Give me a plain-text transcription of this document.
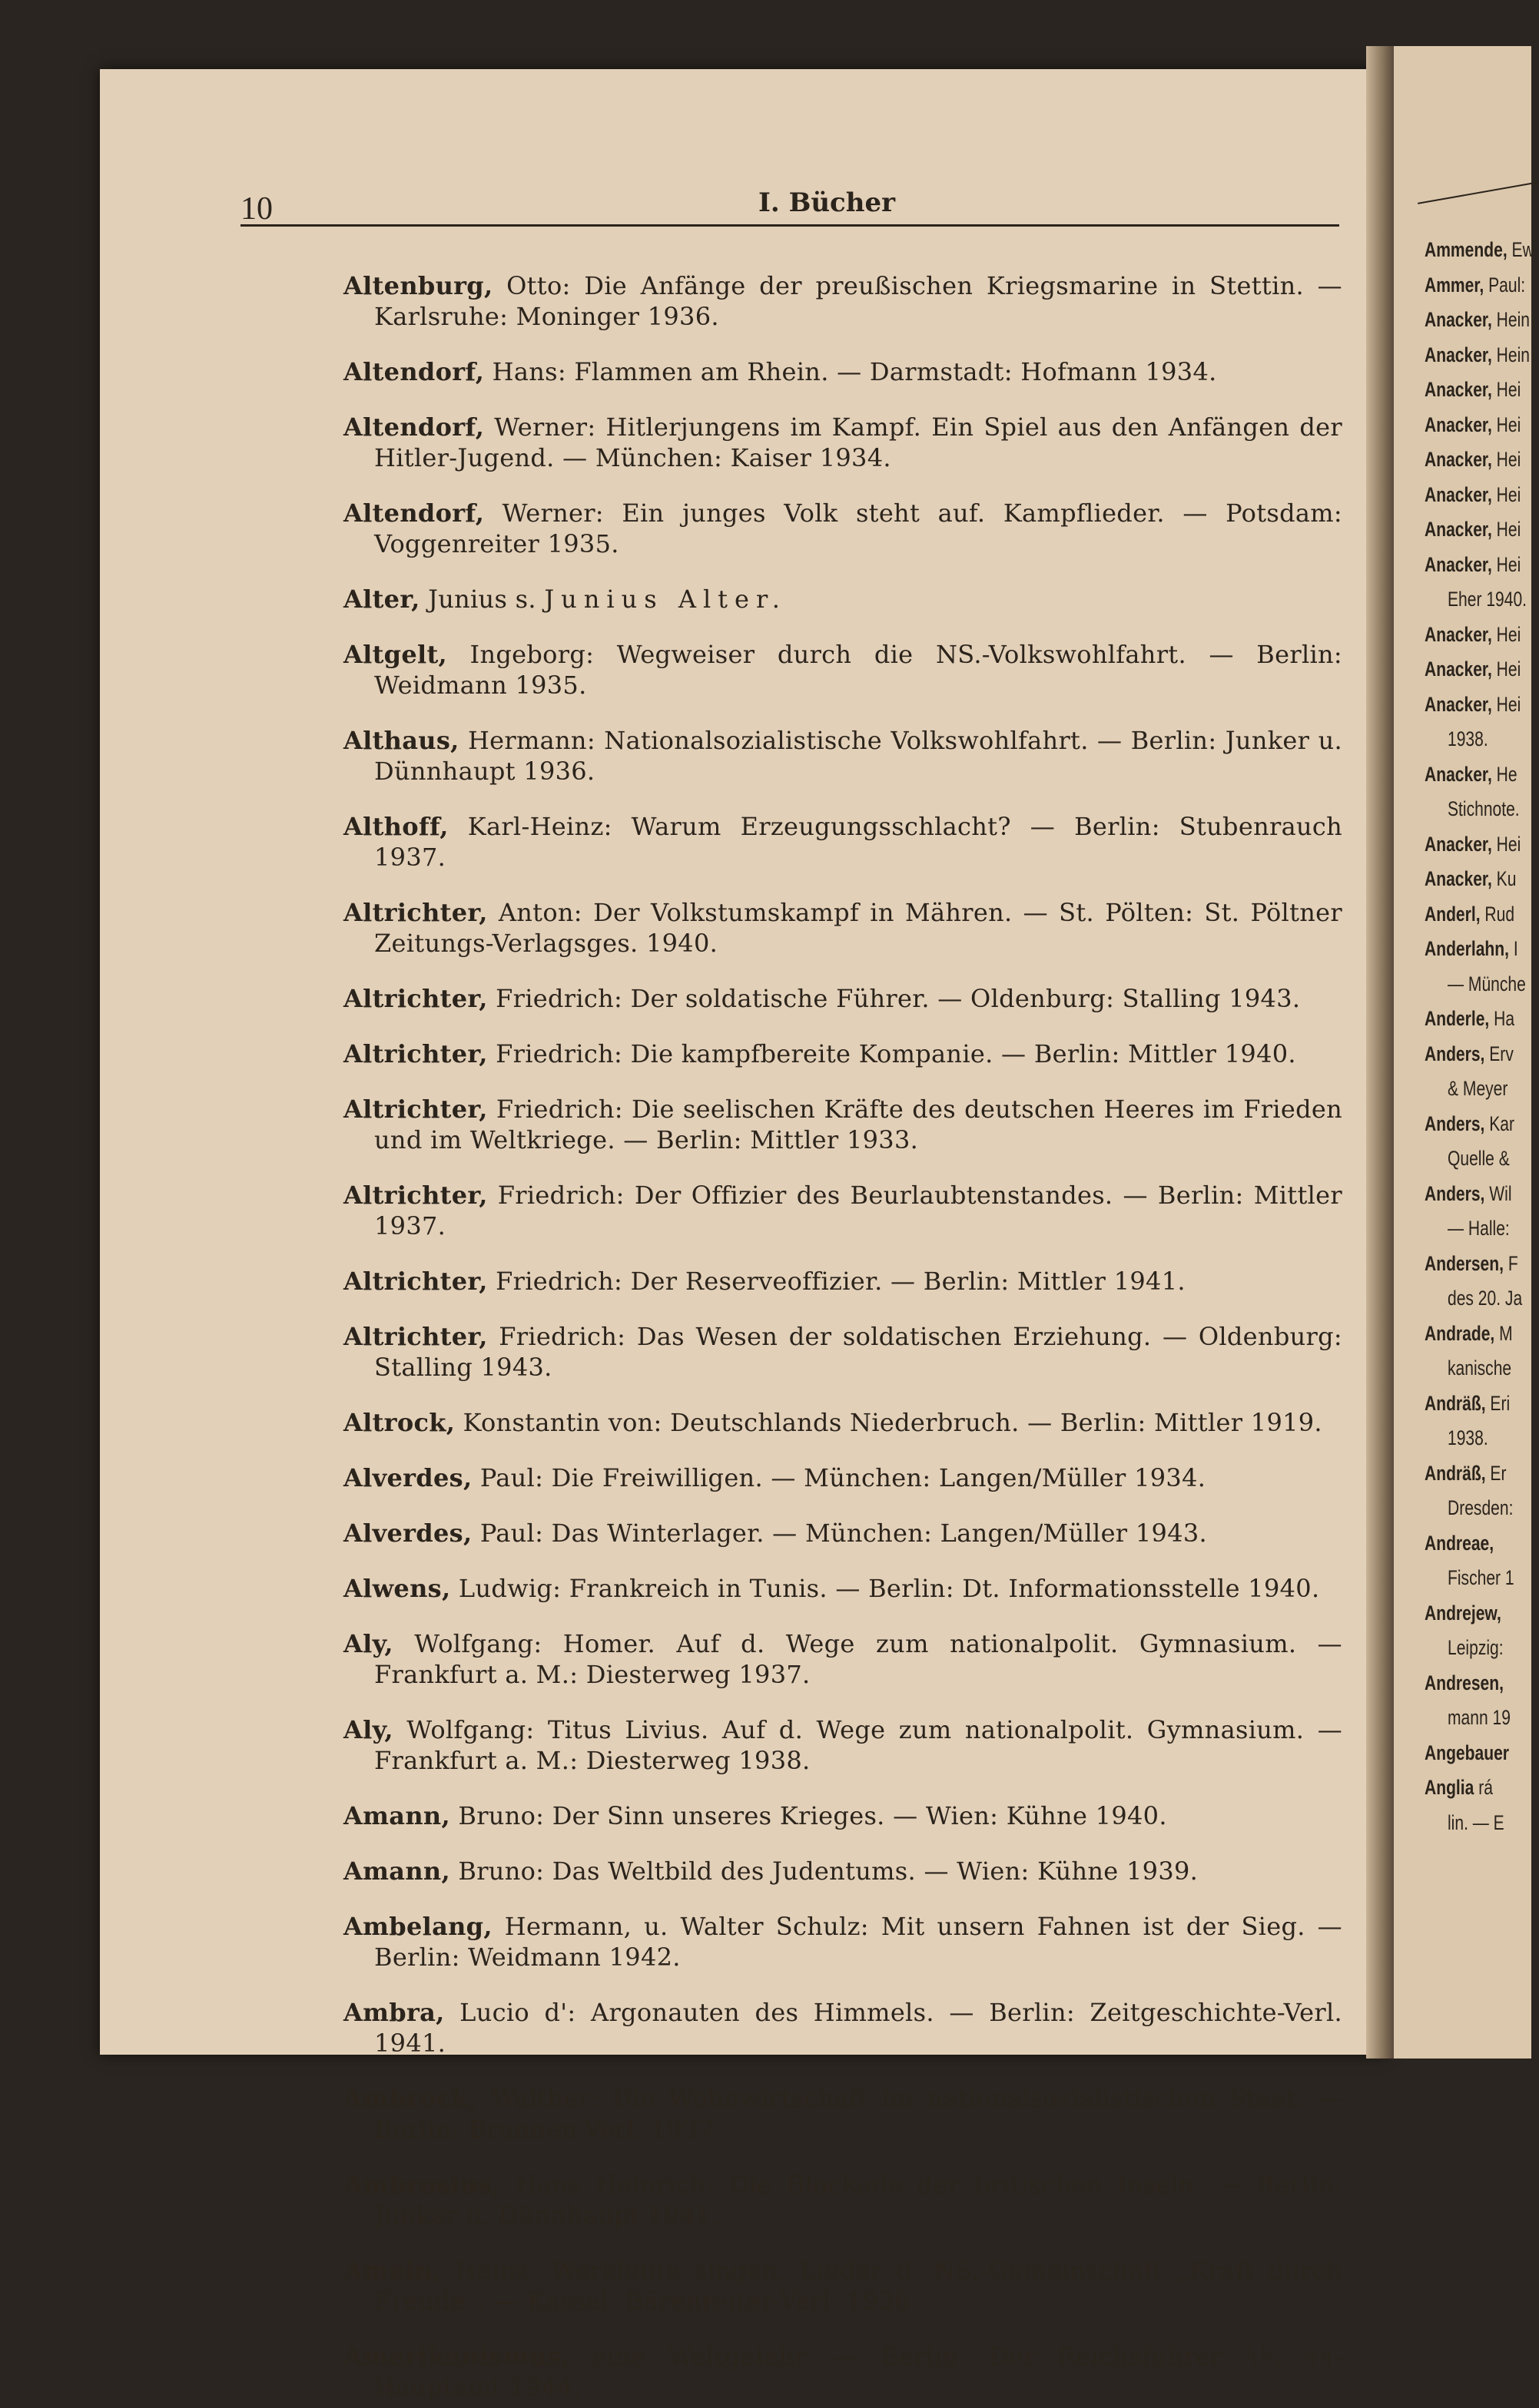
Ammende, Ew
Ammer, Paul:
Anacker, Hein
Anacker, Hein
Anacker, Hei
Anacker, Hei
Anacker, Hei
Anacker, Hei
Anacker, Hei
Anacker, Hei
Eher 1940.
Anacker, Hei
Anacker, Hei
Anacker, Hei
1938.
Anacker, He
Stichnote.
Anacker, Hei
Anacker, Ku
Anderl, Rud
Anderlahn, I
— Münche
Anderle, Ha
Anders, Erv
& Meyer
Anders, Kar
Quelle &
Anders, Wil
— Halle:
Andersen, F
des 20. Ja
Andrade, M
kanische
Andräß, Eri
1938.
Andräß, Er
Dresden:
Andreae,
Fischer 1
Andrejew,
Leipzig:
Andresen,
mann 19
Angebauer
Anglia rá
lin. — E
10	I. Bücher

Altenburg, Otto: Die Anfänge der preußischen Kriegsmarine in Stettin. — Karlsruhe: Moninger 1936.

Altendorf, Hans: Flammen am Rhein. — Darmstadt: Hofmann 1934.

Altendorf, Werner: Hitlerjungens im Kampf. Ein Spiel aus den Anfängen der Hitler-Jugend. — München: Kaiser 1934.

Altendorf, Werner: Ein junges Volk steht auf. Kampflieder. — Potsdam: Voggenreiter 1935.

Alter, Junius s. Junius Alter.

Altgelt, Ingeborg: Wegweiser durch die NS.-Volkswohlfahrt. — Berlin: Weidmann 1935.

Althaus, Hermann: Nationalsozialistische Volkswohlfahrt. — Berlin: Junker u. Dünnhaupt 1936.

Althoff, Karl-Heinz: Warum Erzeugungsschlacht? — Berlin: Stubenrauch 1937.

Altrichter, Anton: Der Volkstumskampf in Mähren. — St. Pölten: St. Pöltner Zeitungs-Verlagsges. 1940.

Altrichter, Friedrich: Der soldatische Führer. — Oldenburg: Stalling 1943.

Altrichter, Friedrich: Die kampfbereite Kompanie. — Berlin: Mittler 1940.

Altrichter, Friedrich: Die seelischen Kräfte des deutschen Heeres im Frieden und im Weltkriege. — Berlin: Mittler 1933.

Altrichter, Friedrich: Der Offizier des Beurlaubtenstandes. — Berlin: Mittler 1937.

Altrichter, Friedrich: Der Reserveoffizier. — Berlin: Mittler 1941.

Altrichter, Friedrich: Das Wesen der soldatischen Erziehung. — Oldenburg: Stalling 1943.

Altrock, Konstantin von: Deutschlands Niederbruch. — Berlin: Mittler 1919.

Alverdes, Paul: Die Freiwilligen. — München: Langen/Müller 1934.

Alverdes, Paul: Das Winterlager. — München: Langen/Müller 1943.

Alwens, Ludwig: Frankreich in Tunis. — Berlin: Dt. Informationsstelle 1940.

Aly, Wolfgang: Homer. Auf d. Wege zum nationalpolit. Gymnasium. — Frankfurt a. M.: Diesterweg 1937.

Aly, Wolfgang: Titus Livius. Auf d. Wege zum nationalpolit. Gymnasium. — Frankfurt a. M.: Diesterweg 1938.

Amann, Bruno: Der Sinn unseres Krieges. — Wien: Kühne 1940.

Amann, Bruno: Das Weltbild des Judentums. — Wien: Kühne 1939.

Ambelang, Hermann, u. Walter Schulz: Mit unsern Fahnen ist der Sieg. — Berlin: Weidmann 1942.

Ambra, Lucio d': Argonauten des Himmels. — Berlin: Zeitgeschichte-Verl. 1941.

Ambrock, Walther: Die Wohnwirtschaft im nationalsozialistischen Staat. — Berlin: Brunnen-Verl. 1937.

Ambrosius, Hans Heinrich: Die Blockade der britischen Inseln. — Berlin: Junker u. Dünnhaupt 1941.

Ameln, Heinz: Werkleute singen. Lieder d. NS.-Gemeinschaft „Kraft durch Freude“. — Kassel: Bärenreiter-Verl. 1936.

Amerikanismus, eine Weltgefahr. — Berlin: Der Reichsführer ᛋᛋ, ᛋᛋ-Hauptamt 1944.
